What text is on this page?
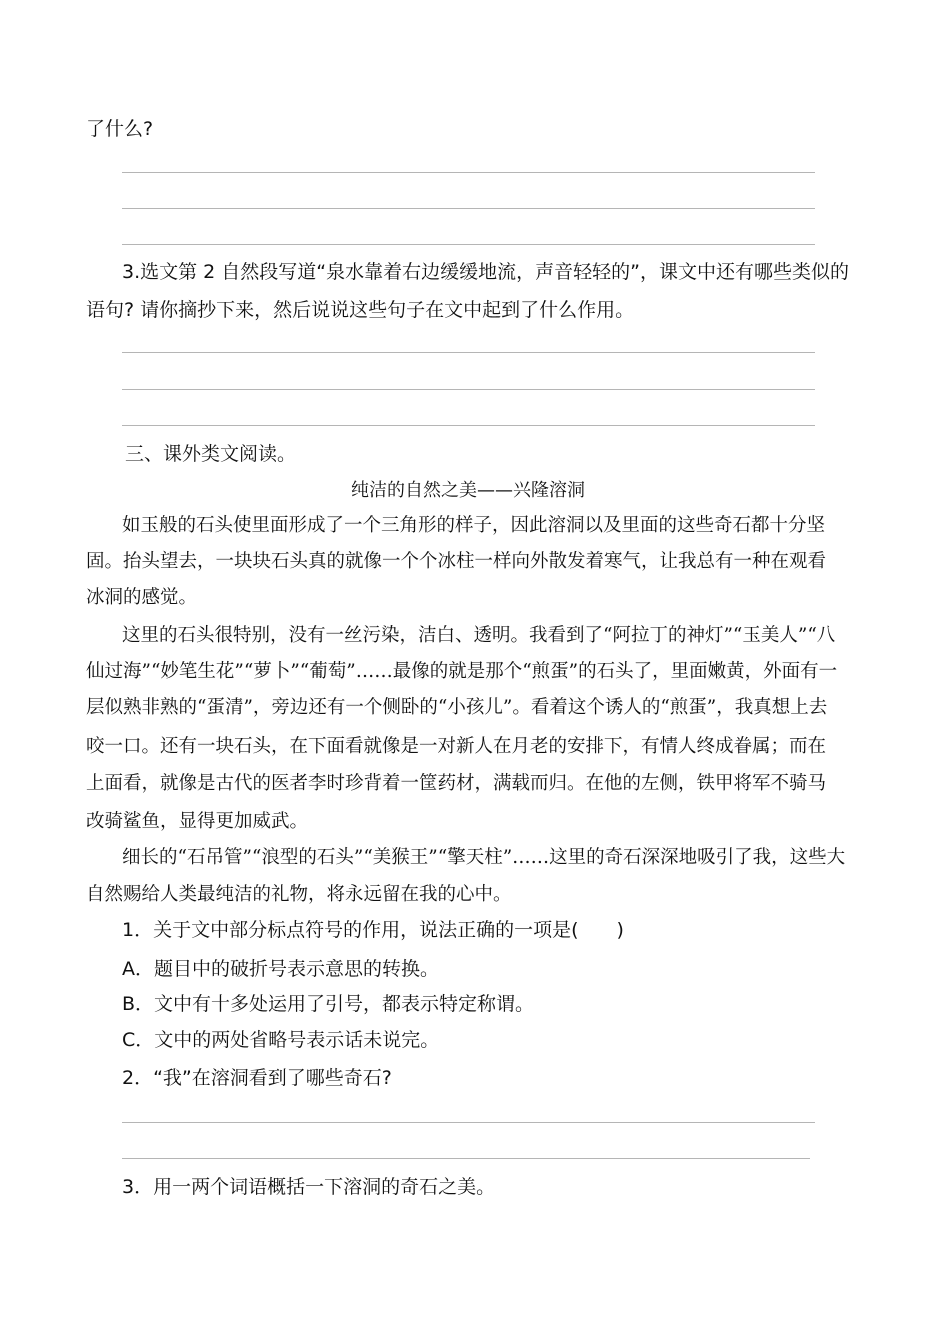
了什么?
3.选文第 2 自然段写道“泉水靠着右边缓缓地流，声音轻轻的”，课文中还有哪些类似的
语句? 请你摘抄下来，然后说说这些句子在文中起到了什么作用。
三、课外类文阅读。
纯洁的自然之美——兴隆溶洞
如玉般的石头使里面形成了一个三角形的样子，因此溶洞以及里面的这些奇石都十分坚
固。抬头望去，一块块石头真的就像一个个冰柱一样向外散发着寒气，让我总有一种在观看
冰洞的感觉。
这里的石头很特别，没有一丝污染，洁白、透明。我看到了“阿拉丁的神灯”“玉美人”“八
仙过海”“妙笔生花”“萝卜”“葡萄”……最像的就是那个“煎蛋”的石头了，里面嫩黄，外面有一
层似熟非熟的“蛋清”，旁边还有一个侧卧的“小孩儿”。看着这个诱人的“煎蛋”，我真想上去
咬一口。还有一块石头，在下面看就像是一对新人在月老的安排下，有情人终成眷属；而在
上面看，就像是古代的医者李时珍背着一筐药材，满载而归。在他的左侧，铁甲将军不骑马
改骑鲨鱼，显得更加威武。
细长的“石吊管”“浪型的石头”“美猴王”“擎天柱”……这里的奇石深深地吸引了我，这些大
自然赐给人类最纯洁的礼物，将永远留在我的心中。
1．关于文中部分标点符号的作用，说法正确的一项是(　　)
A．题目中的破折号表示意思的转换。
B．文中有十多处运用了引号，都表示特定称谓。
C．文中的两处省略号表示话未说完。
2．“我”在溶洞看到了哪些奇石?
3．用一两个词语概括一下溶洞的奇石之美。
